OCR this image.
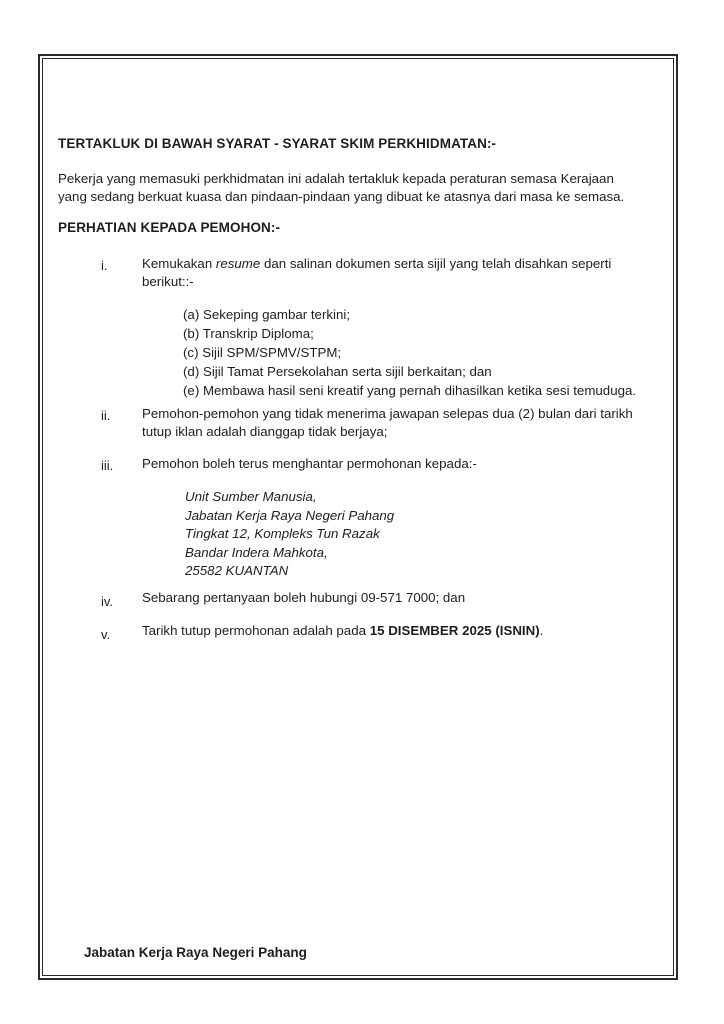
TERTAKLUK DI BAWAH SYARAT - SYARAT SKIM PERKHIDMATAN:-
Pekerja yang memasuki perkhidmatan ini adalah tertakluk kepada peraturan semasa Kerajaan
yang sedang berkuat kuasa dan pindaan-pindaan yang dibuat ke atasnya dari masa ke semasa.
PERHATIAN KEPADA PEMOHON:-
i.	Kemukakan resume dan salinan dokumen serta sijil yang telah disahkan seperti
berikut::-
(a) Sekeping gambar terkini;
(b) Transkrip Diploma;
(c) Sijil SPM/SPMV/STPM;
(d) Sijil Tamat Persekolahan serta sijil berkaitan; dan
(e) Membawa hasil seni kreatif yang pernah dihasilkan ketika sesi temuduga.
ii. Pemohon-pemohon yang tidak menerima jawapan selepas dua (2) bulan dari tarikh
tutup iklan adalah dianggap tidak berjaya;
iii. Pemohon boleh terus menghantar permohonan kepada:-
Unit Sumber Manusia,
Jabatan Kerja Raya Negeri Pahang
Tingkat 12, Kompleks Tun Razak
Bandar Indera Mahkota,
25582 KUANTAN
iv. Sebarang pertanyaan boleh hubungi 09-571 7000; dan
v. Tarikh tutup permohonan adalah pada 15 DISEMBER 2025 (ISNIN).
Jabatan Kerja Raya Negeri Pahang
